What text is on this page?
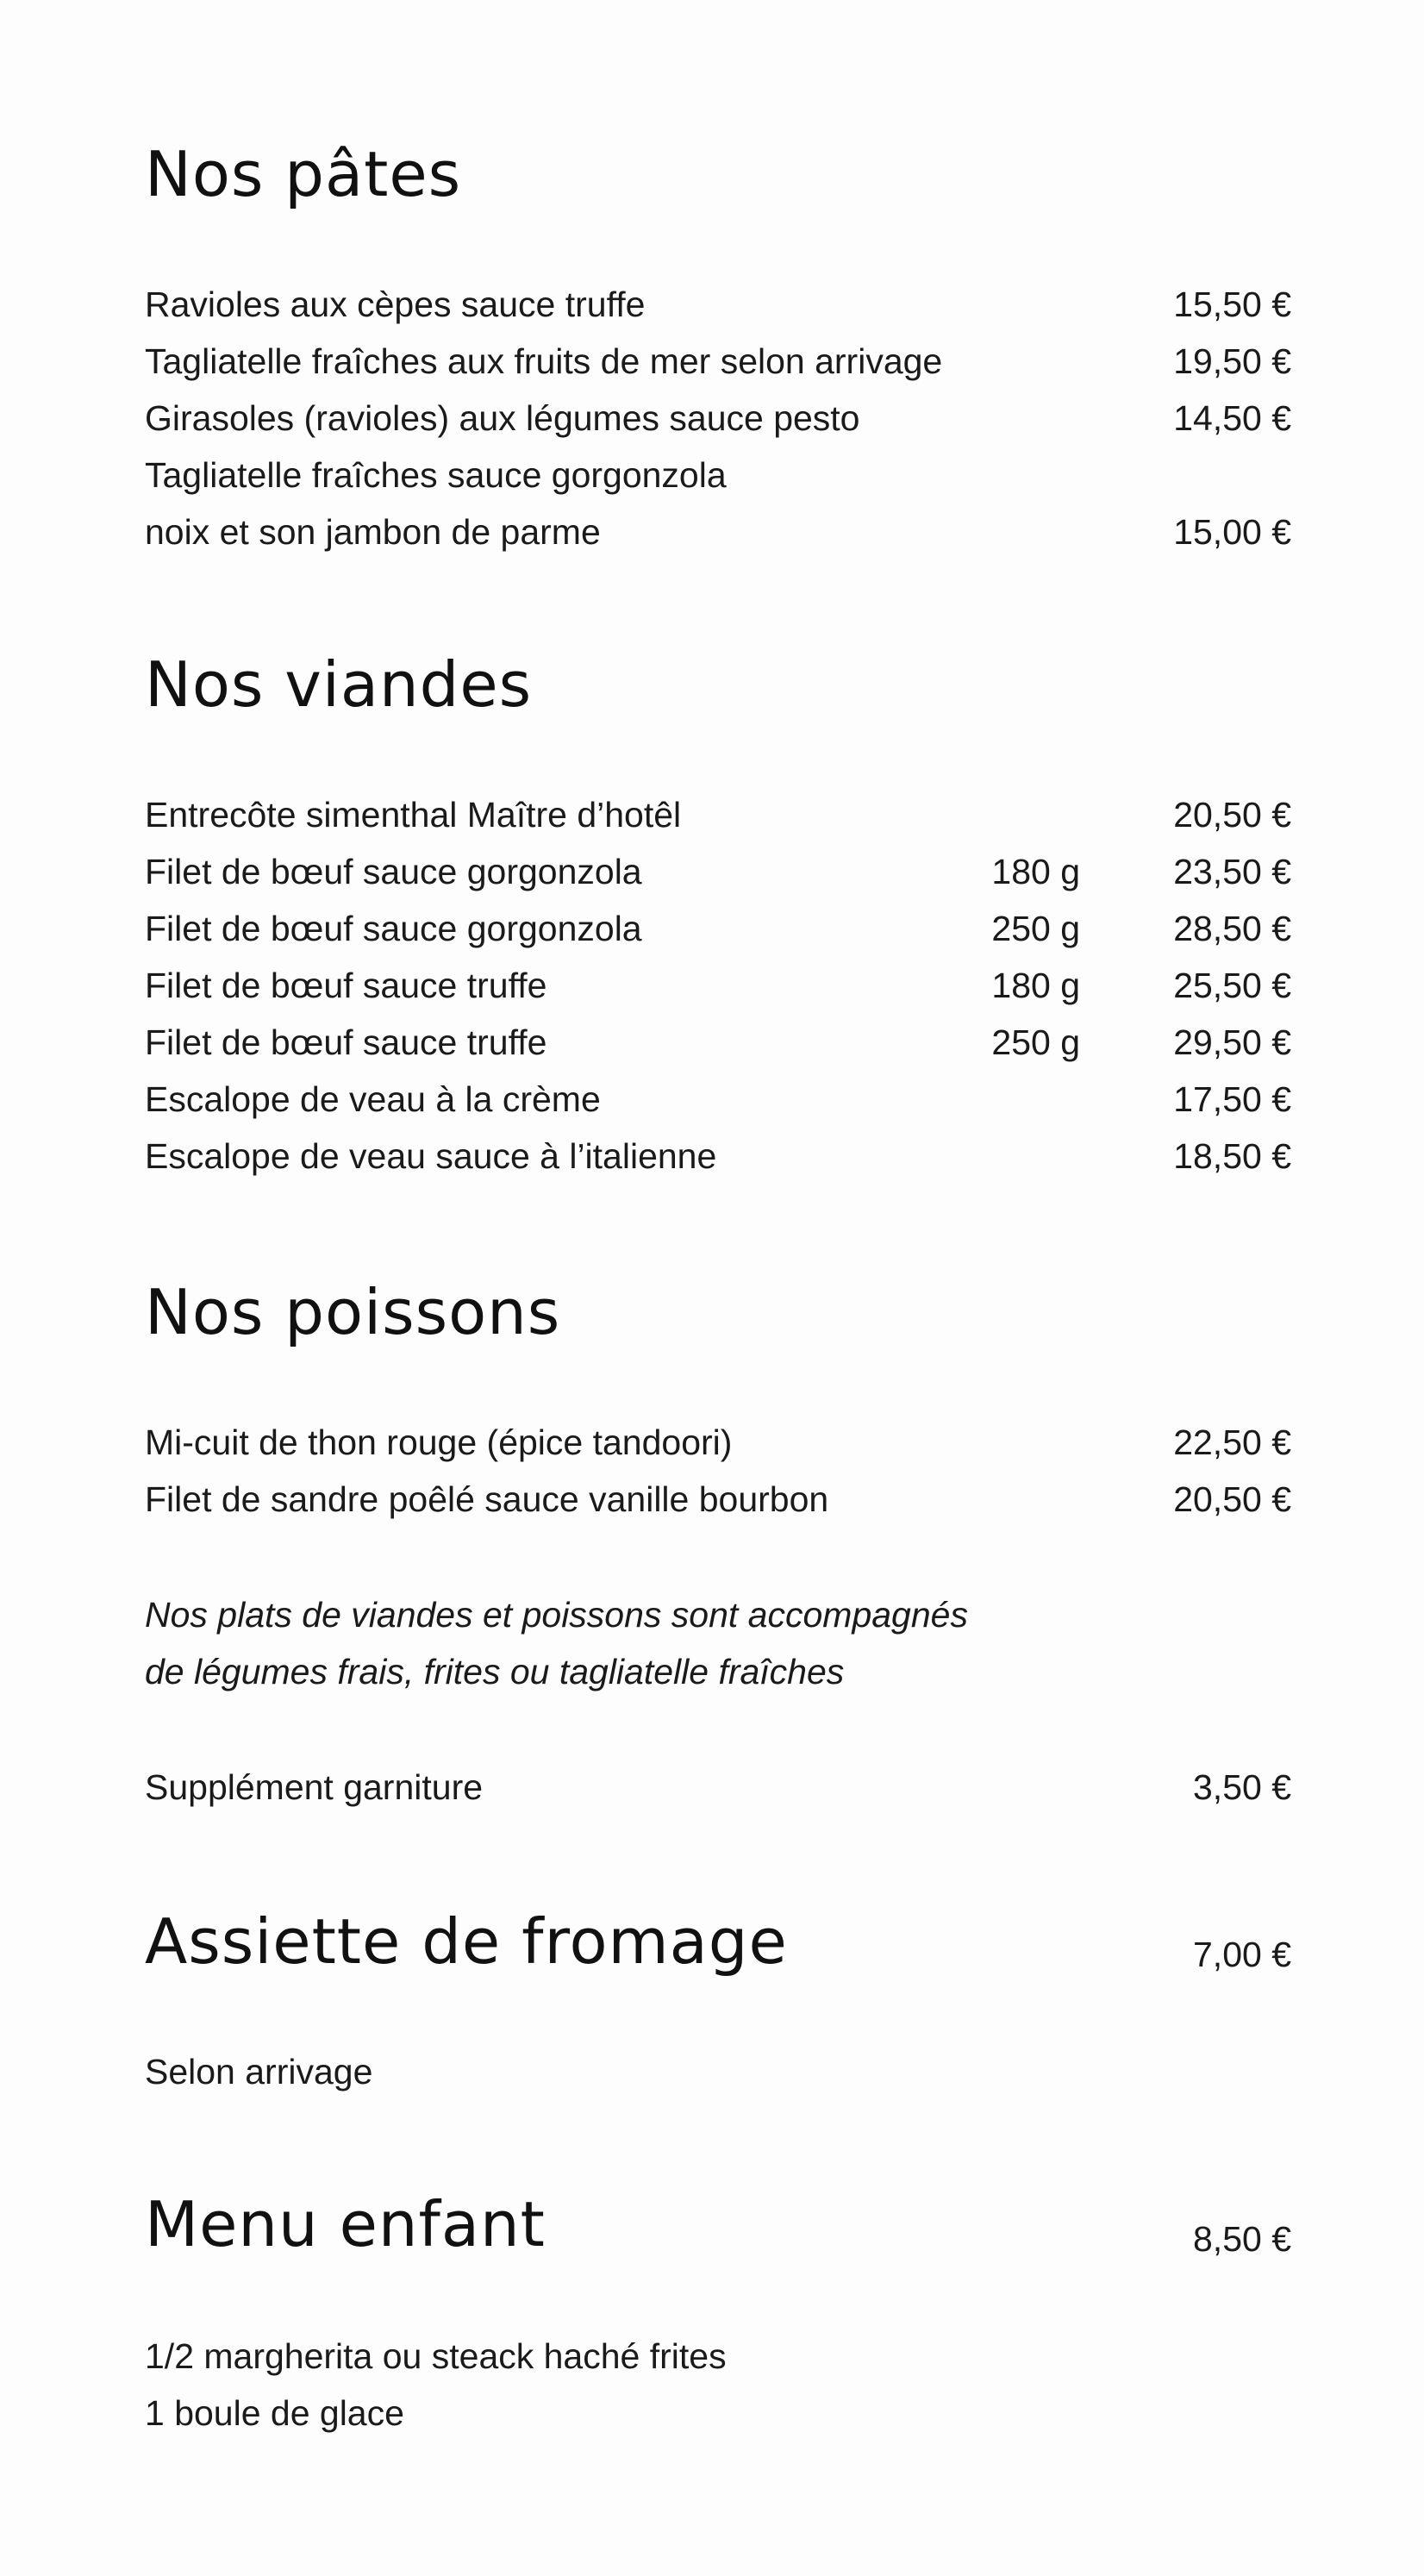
Nos pâtes
Ravioles aux cèpes sauce truffe	15,50 €
Tagliatelle fraîches aux fruits de mer selon arrivage	19,50 €
Girasoles (ravioles) aux légumes sauce pesto	14,50 €
Tagliatelle fraîches sauce gorgonzola
noix et son jambon de parme	15,00 €
Nos viandes
Entrecôte simenthal Maître d’hotêl	20,50 €
Filet de bœuf sauce gorgonzola	180 g	23,50 €
Filet de bœuf sauce gorgonzola	250 g	28,50 €
Filet de bœuf sauce truffe	180 g	25,50 €
Filet de bœuf sauce truffe	250 g	29,50 €
Escalope de veau à la crème	17,50 €
Escalope de veau sauce à l’italienne	18,50 €
Nos poissons
Mi-cuit de thon rouge (épice tandoori)	22,50 €
Filet de sandre poêlé sauce vanille bourbon	20,50 €
Nos plats de viandes et poissons sont accompagnés
de légumes frais, frites ou tagliatelle fraîches
Supplément garniture	3,50 €
Assiette de fromage	7,00 €
Selon arrivage
Menu enfant	8,50 €
1/2 margherita ou steack haché frites
1 boule de glace
